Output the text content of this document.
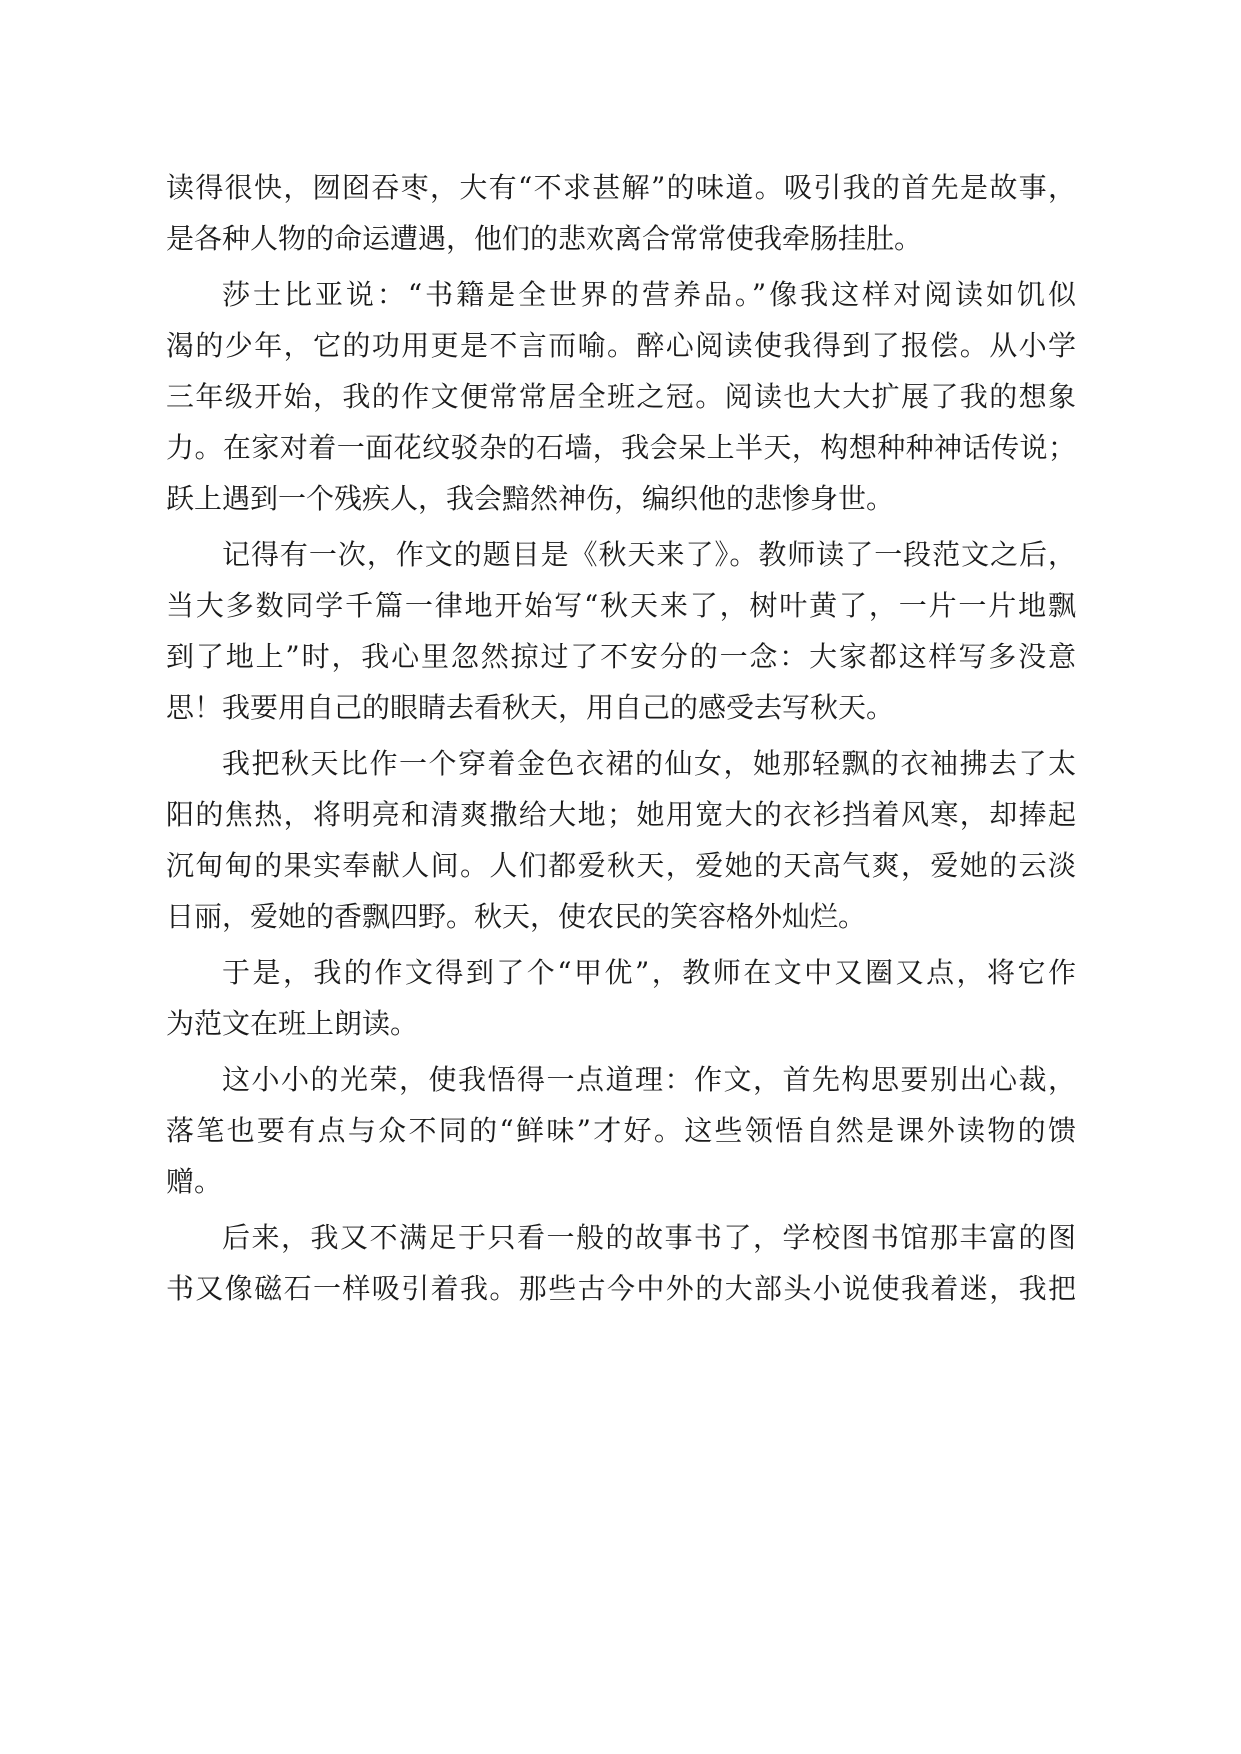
读得很快，囫囵吞枣，大有“不求甚解”的味道。吸引我的首先是故事，
是各种人物的命运遭遇，他们的悲欢离合常常使我牵肠挂肚。
莎士比亚说：“书籍是全世界的营养品。”像我这样对阅读如饥似
渴的少年，它的功用更是不言而喻。醉心阅读使我得到了报偿。从小学
三年级开始，我的作文便常常居全班之冠。阅读也大大扩展了我的想象
力。在家对着一面花纹驳杂的石墙，我会呆上半天，构想种种神话传说；
跃上遇到一个残疾人，我会黯然神伤，编织他的悲惨身世。
记得有一次，作文的题目是《秋天来了》。教师读了一段范文之后，
当大多数同学千篇一律地开始写“秋天来了，树叶黄了，一片一片地飘
到了地上”时，我心里忽然掠过了不安分的一念：大家都这样写多没意
思！我要用自己的眼睛去看秋天，用自己的感受去写秋天。
我把秋天比作一个穿着金色衣裙的仙女，她那轻飘的衣袖拂去了太
阳的焦热，将明亮和清爽撒给大地；她用宽大的衣衫挡着风寒，却捧起
沉甸甸的果实奉献人间。人们都爱秋天，爱她的天高气爽，爱她的云淡
日丽，爱她的香飘四野。秋天，使农民的笑容格外灿烂。
于是，我的作文得到了个“甲优”，教师在文中又圈又点，将它作
为范文在班上朗读。
这小小的光荣，使我悟得一点道理：作文，首先构思要别出心裁，
落笔也要有点与众不同的“鲜味”才好。这些领悟自然是课外读物的馈
赠。
后来，我又不满足于只看一般的故事书了，学校图书馆那丰富的图
书又像磁石一样吸引着我。那些古今中外的大部头小说使我着迷，我把
